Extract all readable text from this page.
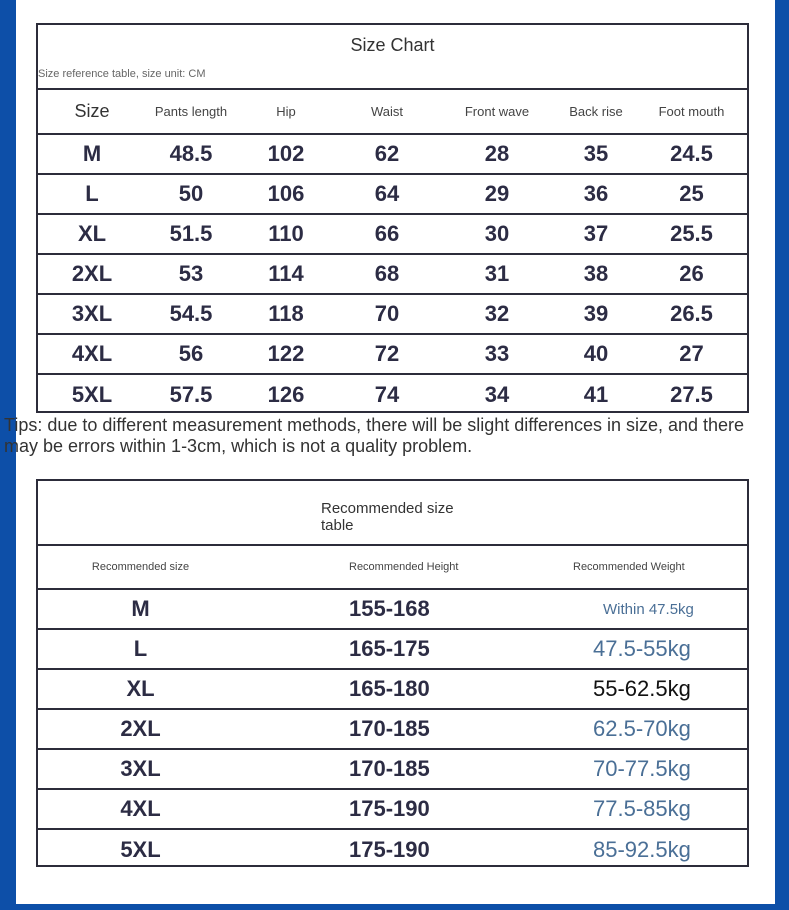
Size Chart
Size reference table, size unit: CM
Size	Pants length	Hip	Waist	Front wave	Back rise	Foot mouth
M	48.5	102	62	28	35	24.5
L	50	106	64	29	36	25
XL	51.5	110	66	30	37	25.5
2XL	53	114	68	31	38	26
3XL	54.5	118	70	32	39	26.5
4XL	56	122	72	33	40	27
5XL	57.5	126	74	34	41	27.5
Tips: due to different measurement methods, there will be slight differences in size, and there may be errors within 1-3cm, which is not a quality problem.
Recommended size table
Recommended size	Recommended Height	Recommended Weight
M	155-168	Within 47.5kg
L	165-175	47.5-55kg
XL	165-180	55-62.5kg
2XL	170-185	62.5-70kg
3XL	170-185	70-77.5kg
4XL	175-190	77.5-85kg
5XL	175-190	85-92.5kg
